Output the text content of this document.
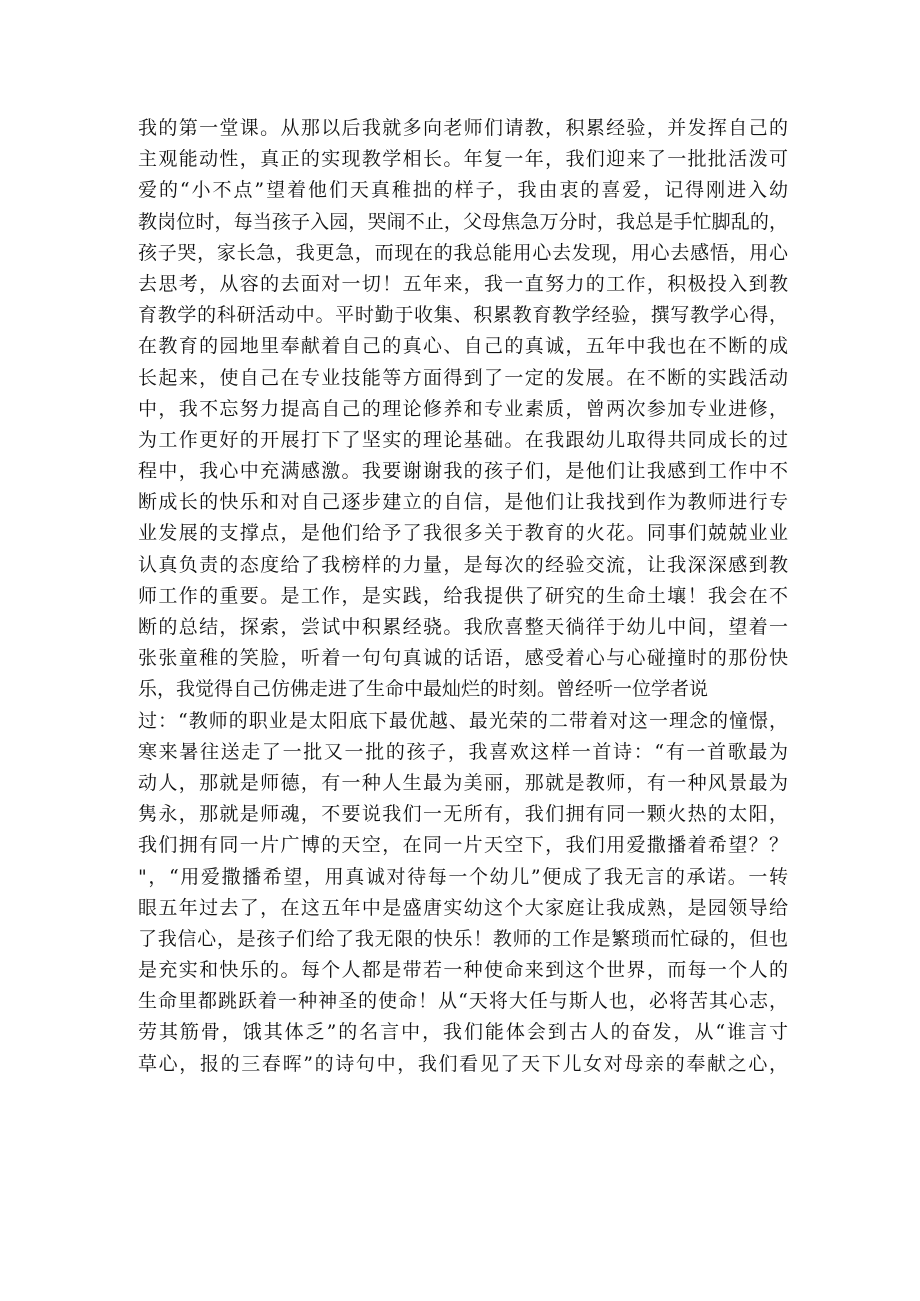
我的第一堂课。从那以后我就多向老师们请教，积累经验，并发挥自己的
主观能动性，真正的实现教学相长。年复一年，我们迎来了一批批活泼可
爱的“小不点”望着他们天真稚拙的样子，我由衷的喜爱，记得刚进入幼
教岗位时，每当孩子入园，哭闹不止，父母焦急万分时，我总是手忙脚乱的，
孩子哭，家长急，我更急，而现在的我总能用心去发现，用心去感悟，用心
去思考，从容的去面对一切！五年来，我一直努力的工作，积极投入到教
育教学的科研活动中。平时勤于收集、积累教育教学经验，撰写教学心得，
在教育的园地里奉献着自己的真心、自己的真诚，五年中我也在不断的成
长起来，使自己在专业技能等方面得到了一定的发展。在不断的实践活动
中，我不忘努力提高自己的理论修养和专业素质，曾两次参加专业进修，
为工作更好的开展打下了坚实的理论基础。在我跟幼儿取得共同成长的过
程中，我心中充满感激。我要谢谢我的孩子们，是他们让我感到工作中不
断成长的快乐和对自己逐步建立的自信，是他们让我找到作为教师进行专
业发展的支撑点，是他们给予了我很多关于教育的火花。同事们兢兢业业
认真负责的态度给了我榜样的力量，是每次的经验交流，让我深深感到教
师工作的重要。是工作，是实践，给我提供了研究的生命土壤！我会在不
断的总结，探索，尝试中积累经骁。我欣喜整天徜徉于幼儿中间，望着一
张张童稚的笑脸，听着一句句真诚的话语，感受着心与心碰撞时的那份快
乐，我觉得自己仿佛走进了生命中最灿烂的时刻。曾经听一位学者说
过：“教师的职业是太阳底下最优越、最光荣的二带着对这一理念的憧憬，
寒来暑往送走了一批又一批的孩子，我喜欢这样一首诗：“有一首歌最为
动人，那就是师德，有一种人生最为美丽，那就是教师，有一种风景最为
隽永，那就是师魂，不要说我们一无所有，我们拥有同一颗火热的太阳，
我们拥有同一片广博的天空，在同一片天空下，我们用爱撒播着希望？？
"，“用爱撒播希望，用真诚对待每一个幼儿”便成了我无言的承诺。一转
眼五年过去了，在这五年中是盛唐实幼这个大家庭让我成熟，是园领导给
了我信心，是孩子们给了我无限的快乐！教师的工作是繁琐而忙碌的，但也
是充实和快乐的。每个人都是带若一种使命来到这个世界，而每一个人的
生命里都跳跃着一种神圣的使命！从“天将大任与斯人也，必将苦其心志，
劳其筋骨，饿其体乏”的名言中，我们能体会到古人的奋发，从“谁言寸
草心，报的三春晖”的诗句中，我们看见了天下儿女对母亲的奉献之心，
